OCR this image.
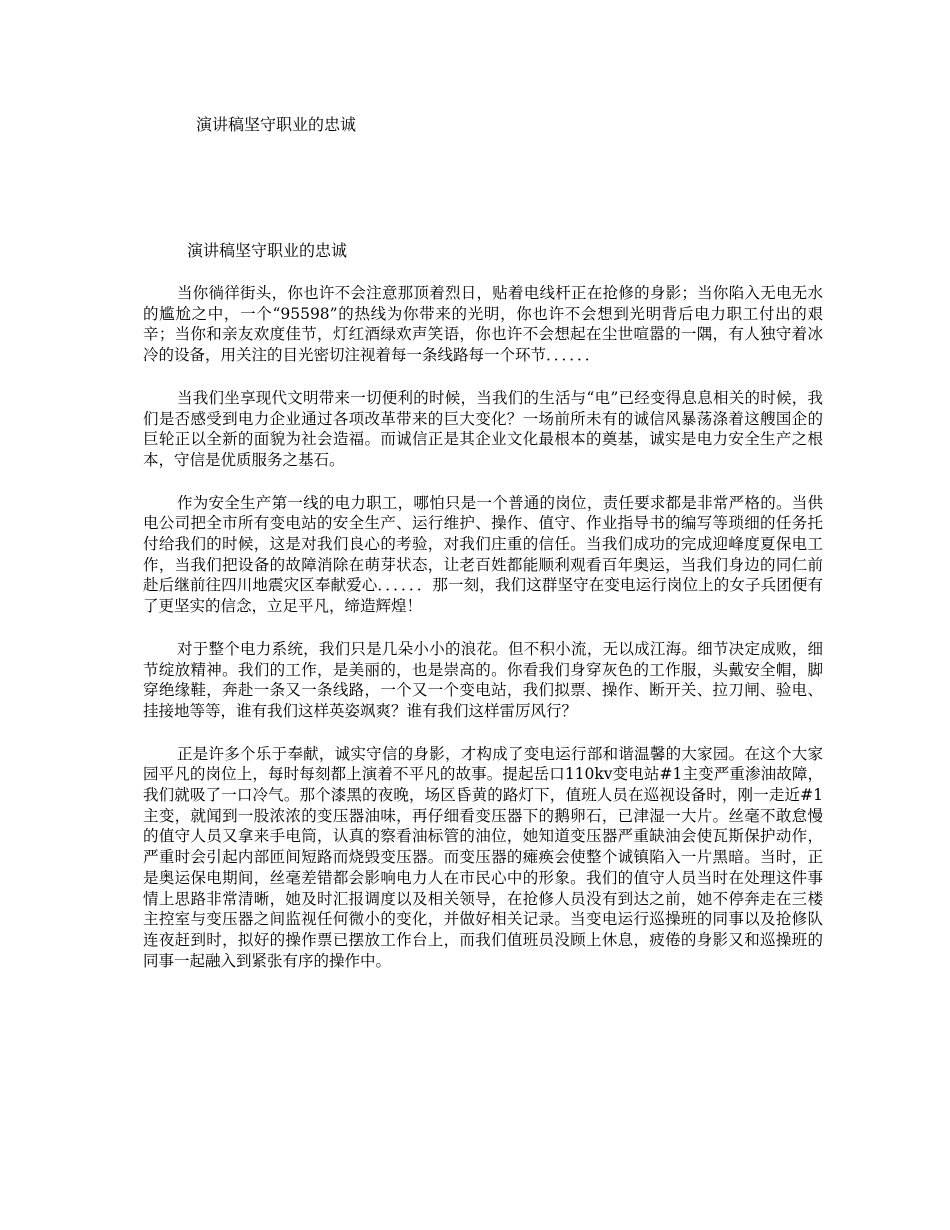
演讲稿坚守职业的忠诚
演讲稿坚守职业的忠诚

当你徜徉街头，你也许不会注意那顶着烈日，贴着电线杆正在抢修的身影；当你陷入无电无水的尴尬之中，一个“95598”的热线为你带来的光明，你也许不会想到光明背后电力职工付出的艰辛；当你和亲友欢度佳节，灯红酒绿欢声笑语，你也许不会想起在尘世喧嚣的一隅，有人独守着冰冷的设备，用关注的目光密切注视着每一条线路每一个环节．．．．．．

当我们坐享现代文明带来一切便利的时候，当我们的生活与“电”已经变得息息相关的时候，我们是否感受到电力企业通过各项改革带来的巨大变化？一场前所未有的诚信风暴荡涤着这艘国企的巨轮正以全新的面貌为社会造福。而诚信正是其企业文化最根本的奠基，诚实是电力安全生产之根本，守信是优质服务之基石。

作为安全生产第一线的电力职工，哪怕只是一个普通的岗位，责任要求都是非常严格的。当供电公司把全市所有变电站的安全生产、运行维护、操作、值守、作业指导书的编写等琐细的任务托付给我们的时候，这是对我们良心的考验，对我们庄重的信任。当我们成功的完成迎峰度夏保电工作，当我们把设备的故障消除在萌芽状态，让老百姓都能顺利观看百年奥运，当我们身边的同仁前赴后继前往四川地震灾区奉献爱心．．．．．．那一刻，我们这群坚守在变电运行岗位上的女子兵团便有了更坚实的信念，立足平凡，缔造辉煌！

对于整个电力系统，我们只是几朵小小的浪花。但不积小流，无以成江海。细节决定成败，细节绽放精神。我们的工作，是美丽的，也是崇高的。你看我们身穿灰色的工作服，头戴安全帽，脚穿绝缘鞋，奔赴一条又一条线路，一个又一个变电站，我们拟票、操作、断开关、拉刀闸、验电、挂接地等等，谁有我们这样英姿飒爽？谁有我们这样雷厉风行？

正是许多个乐于奉献，诚实守信的身影，才构成了变电运行部和谐温馨的大家园。在这个大家园平凡的岗位上，每时每刻都上演着不平凡的故事。提起岳口110kv变电站#1主变严重渗油故障，我们就吸了一口冷气。那个漆黑的夜晚，场区昏黄的路灯下，值班人员在巡视设备时，刚一走近#1主变，就闻到一股浓浓的变压器油味，再仔细看变压器下的鹅卵石，已津湿一大片。丝毫不敢怠慢的值守人员又拿来手电筒，认真的察看油标管的油位，她知道变压器严重缺油会使瓦斯保护动作，严重时会引起内部匝间短路而烧毁变压器。而变压器的瘫痪会使整个诚镇陷入一片黑暗。当时，正是奥运保电期间，丝毫差错都会影响电力人在市民心中的形象。我们的值守人员当时在处理这件事情上思路非常清晰，她及时汇报调度以及相关领导，在抢修人员没有到达之前，她不停奔走在三楼主控室与变压器之间监视任何微小的变化，并做好相关记录。当变电运行巡操班的同事以及抢修队连夜赶到时，拟好的操作票已摆放工作台上，而我们值班员没顾上休息，疲倦的身影又和巡操班的同事一起融入到紧张有序的操作中。
